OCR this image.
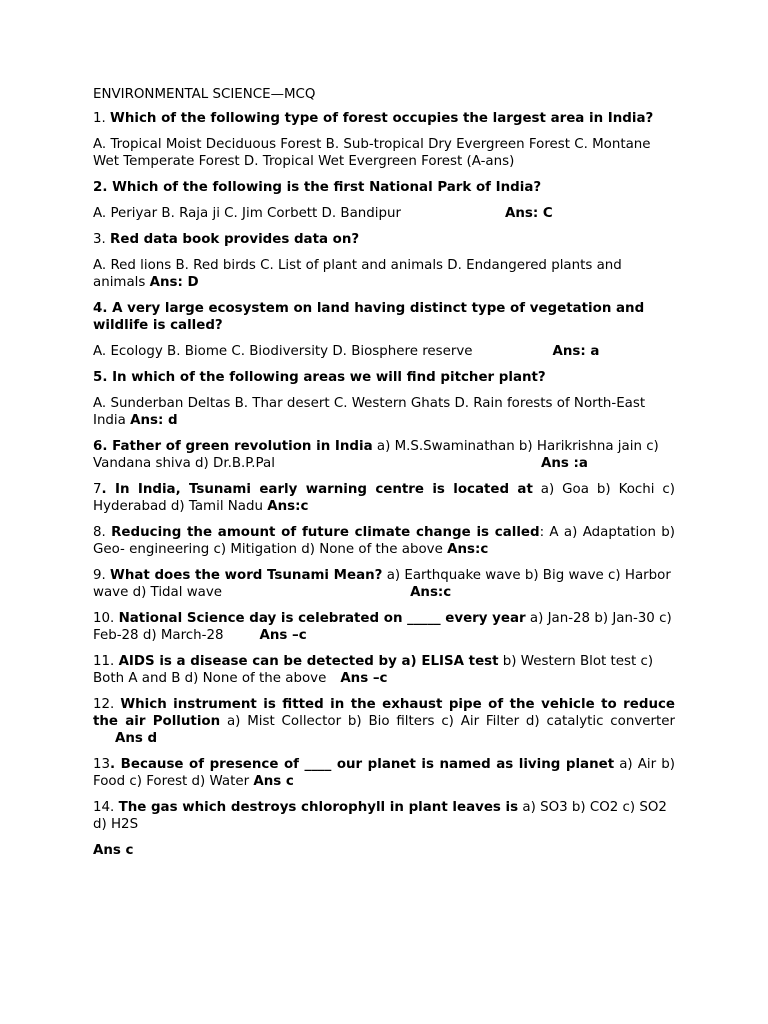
ENVIRONMENTAL SCIENCE—MCQ

1. Which of the following type of forest occupies the largest area in India?

A. Tropical Moist Deciduous Forest B. Sub-tropical Dry Evergreen Forest C. Montane Wet Temperate Forest D. Tropical Wet Evergreen Forest (A-ans)

2. Which of the following is the first National Park of India?

A. Periyar B. Raja ji C. Jim Corbett D. Bandipur	Ans: C

3. Red data book provides data on?

A. Red lions B. Red birds C. List of plant and animals D. Endangered plants and animals Ans: D

4. A very large ecosystem on land having distinct type of vegetation and wildlife is called?

A. Ecology B. Biome C. Biodiversity D. Biosphere reserve	Ans: a

5. In which of the following areas we will find pitcher plant?

A. Sunderban Deltas B. Thar desert C. Western Ghats D. Rain forests of North-East India Ans: d

6. Father of green revolution in India a) M.S.Swaminathan b) Harikrishna jain c) Vandana shiva d) Dr.B.P.Pal	Ans :a

7. In India, Tsunami early warning centre is located at a) Goa b) Kochi c) Hyderabad d) Tamil Nadu Ans:c

8. Reducing the amount of future climate change is called: A a) Adaptation b) Geo- engineering c) Mitigation d) None of the above Ans:c

9. What does the word Tsunami Mean? a) Earthquake wave b) Big wave c) Harbor wave d) Tidal wave	Ans:c

10. National Science day is celebrated on _____ every year a) Jan-28 b) Jan-30 c) Feb-28 d) March-28	Ans –c

11. AIDS is a disease can be detected by a) ELISA test b) Western Blot test c) Both A and B d) None of the above Ans –c

12. Which instrument is fitted in the exhaust pipe of the vehicle to reduce the air Pollution a) Mist Collector b) Bio filters c) Air Filter d) catalytic converterAns d

13. Because of presence of ____ our planet is named as living planet a) Air b) Food c) Forest d) Water Ans c

14. The gas which destroys chlorophyll in plant leaves is a) SO3 b) CO2 c) SO2 d) H2S

Ans c
